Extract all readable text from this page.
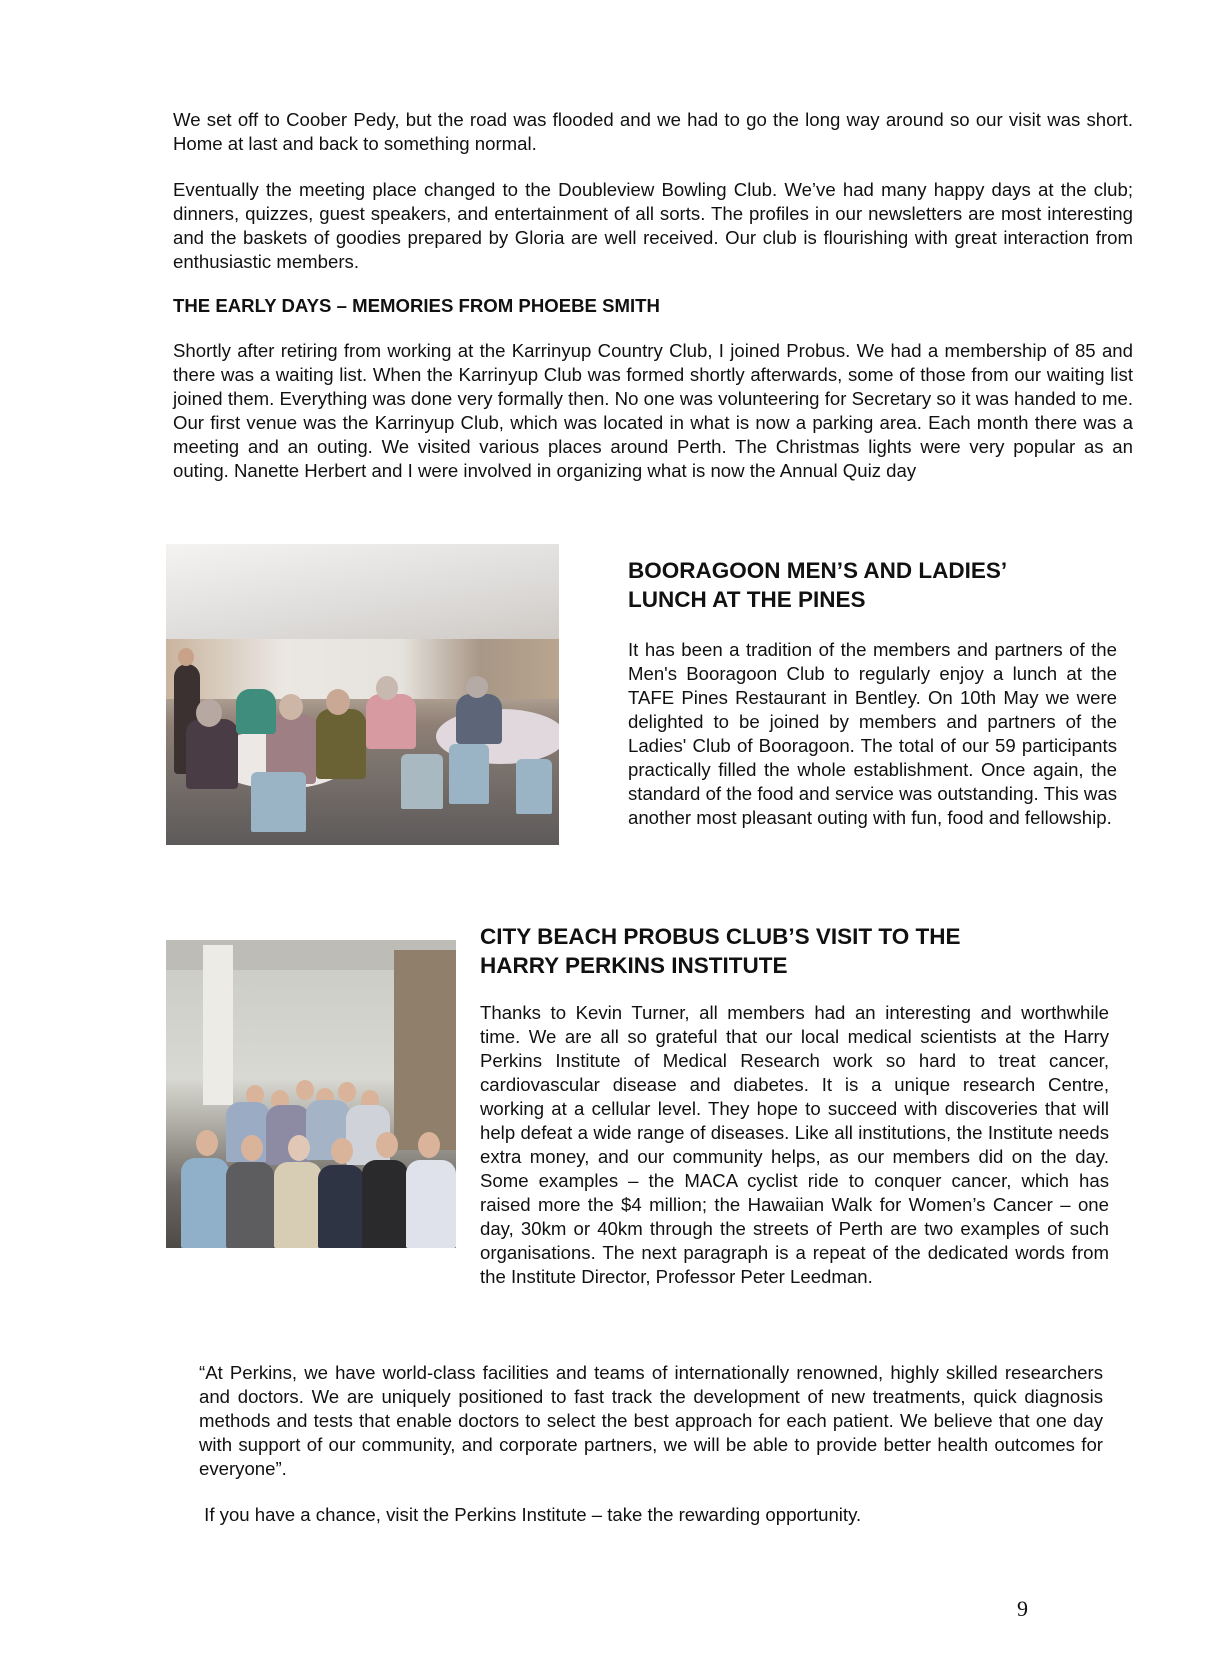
We set off to Coober Pedy, but the road was flooded and we had to go the long way around so our visit was short. Home at last and back to something normal.

Eventually the meeting place changed to the Doubleview Bowling Club. We’ve had many happy days at the club; dinners, quizzes, guest speakers, and entertainment of all sorts. The profiles in our newsletters are most interesting and the baskets of goodies prepared by Gloria are well received. Our club is flourishing with great interaction from enthusiastic members.

THE EARLY DAYS – MEMORIES FROM PHOEBE SMITH

Shortly after retiring from working at the Karrinyup Country Club, I joined Probus. We had a membership of 85 and there was a waiting list. When the Karrinyup Club was formed shortly afterwards, some of those from our waiting list joined them. Everything was done very formally then. No one was volunteering for Secretary so it was handed to me. Our first venue was the Karrinyup Club, which was located in what is now a parking area. Each month there was a meeting and an outing. We visited various places around Perth. The Christmas lights were very popular as an outing. Nanette Herbert and I were involved in organizing what is now the Annual Quiz day

BOORAGOON MEN’S AND LADIES’
LUNCH AT THE PINES

It has been a tradition of the members and partners of the Men's Booragoon Club to regularly enjoy a lunch at the TAFE Pines Restaurant in Bentley. On 10th May we were delighted to be joined by members and partners of the Ladies' Club of Booragoon. The total of our 59 participants practically filled the whole establishment. Once again, the standard of the food and service was outstanding. This was another most pleasant outing with fun, food and fellowship.

CITY BEACH PROBUS CLUB’S VISIT TO THE
HARRY PERKINS INSTITUTE

Thanks to Kevin Turner, all members had an interesting and worthwhile time. We are all so grateful that our local medical scientists at the Harry Perkins Institute of Medical Research work so hard to treat cancer, cardiovascular disease and diabetes. It is a unique research Centre, working at a cellular level. They hope to succeed with discoveries that will help defeat a wide range of diseases. Like all institutions, the Institute needs extra money, and our community helps, as our members did on the day. Some examples – the MACA cyclist ride to conquer cancer, which has raised more the $4 million; the Hawaiian Walk for Women’s Cancer – one day, 30km or 40km through the streets of Perth are two examples of such organisations. The next paragraph is a repeat of the dedicated words from the Institute Director, Professor Peter Leedman.

“At Perkins, we have world-class facilities and teams of internationally renowned, highly skilled researchers and doctors. We are uniquely positioned to fast track the development of new treatments, quick diagnosis methods and tests that enable doctors to select the best approach for each patient. We believe that one day with support of our community, and corporate partners, we will be able to provide better health outcomes for everyone”.

If you have a chance, visit the Perkins Institute – take the rewarding opportunity.

9
